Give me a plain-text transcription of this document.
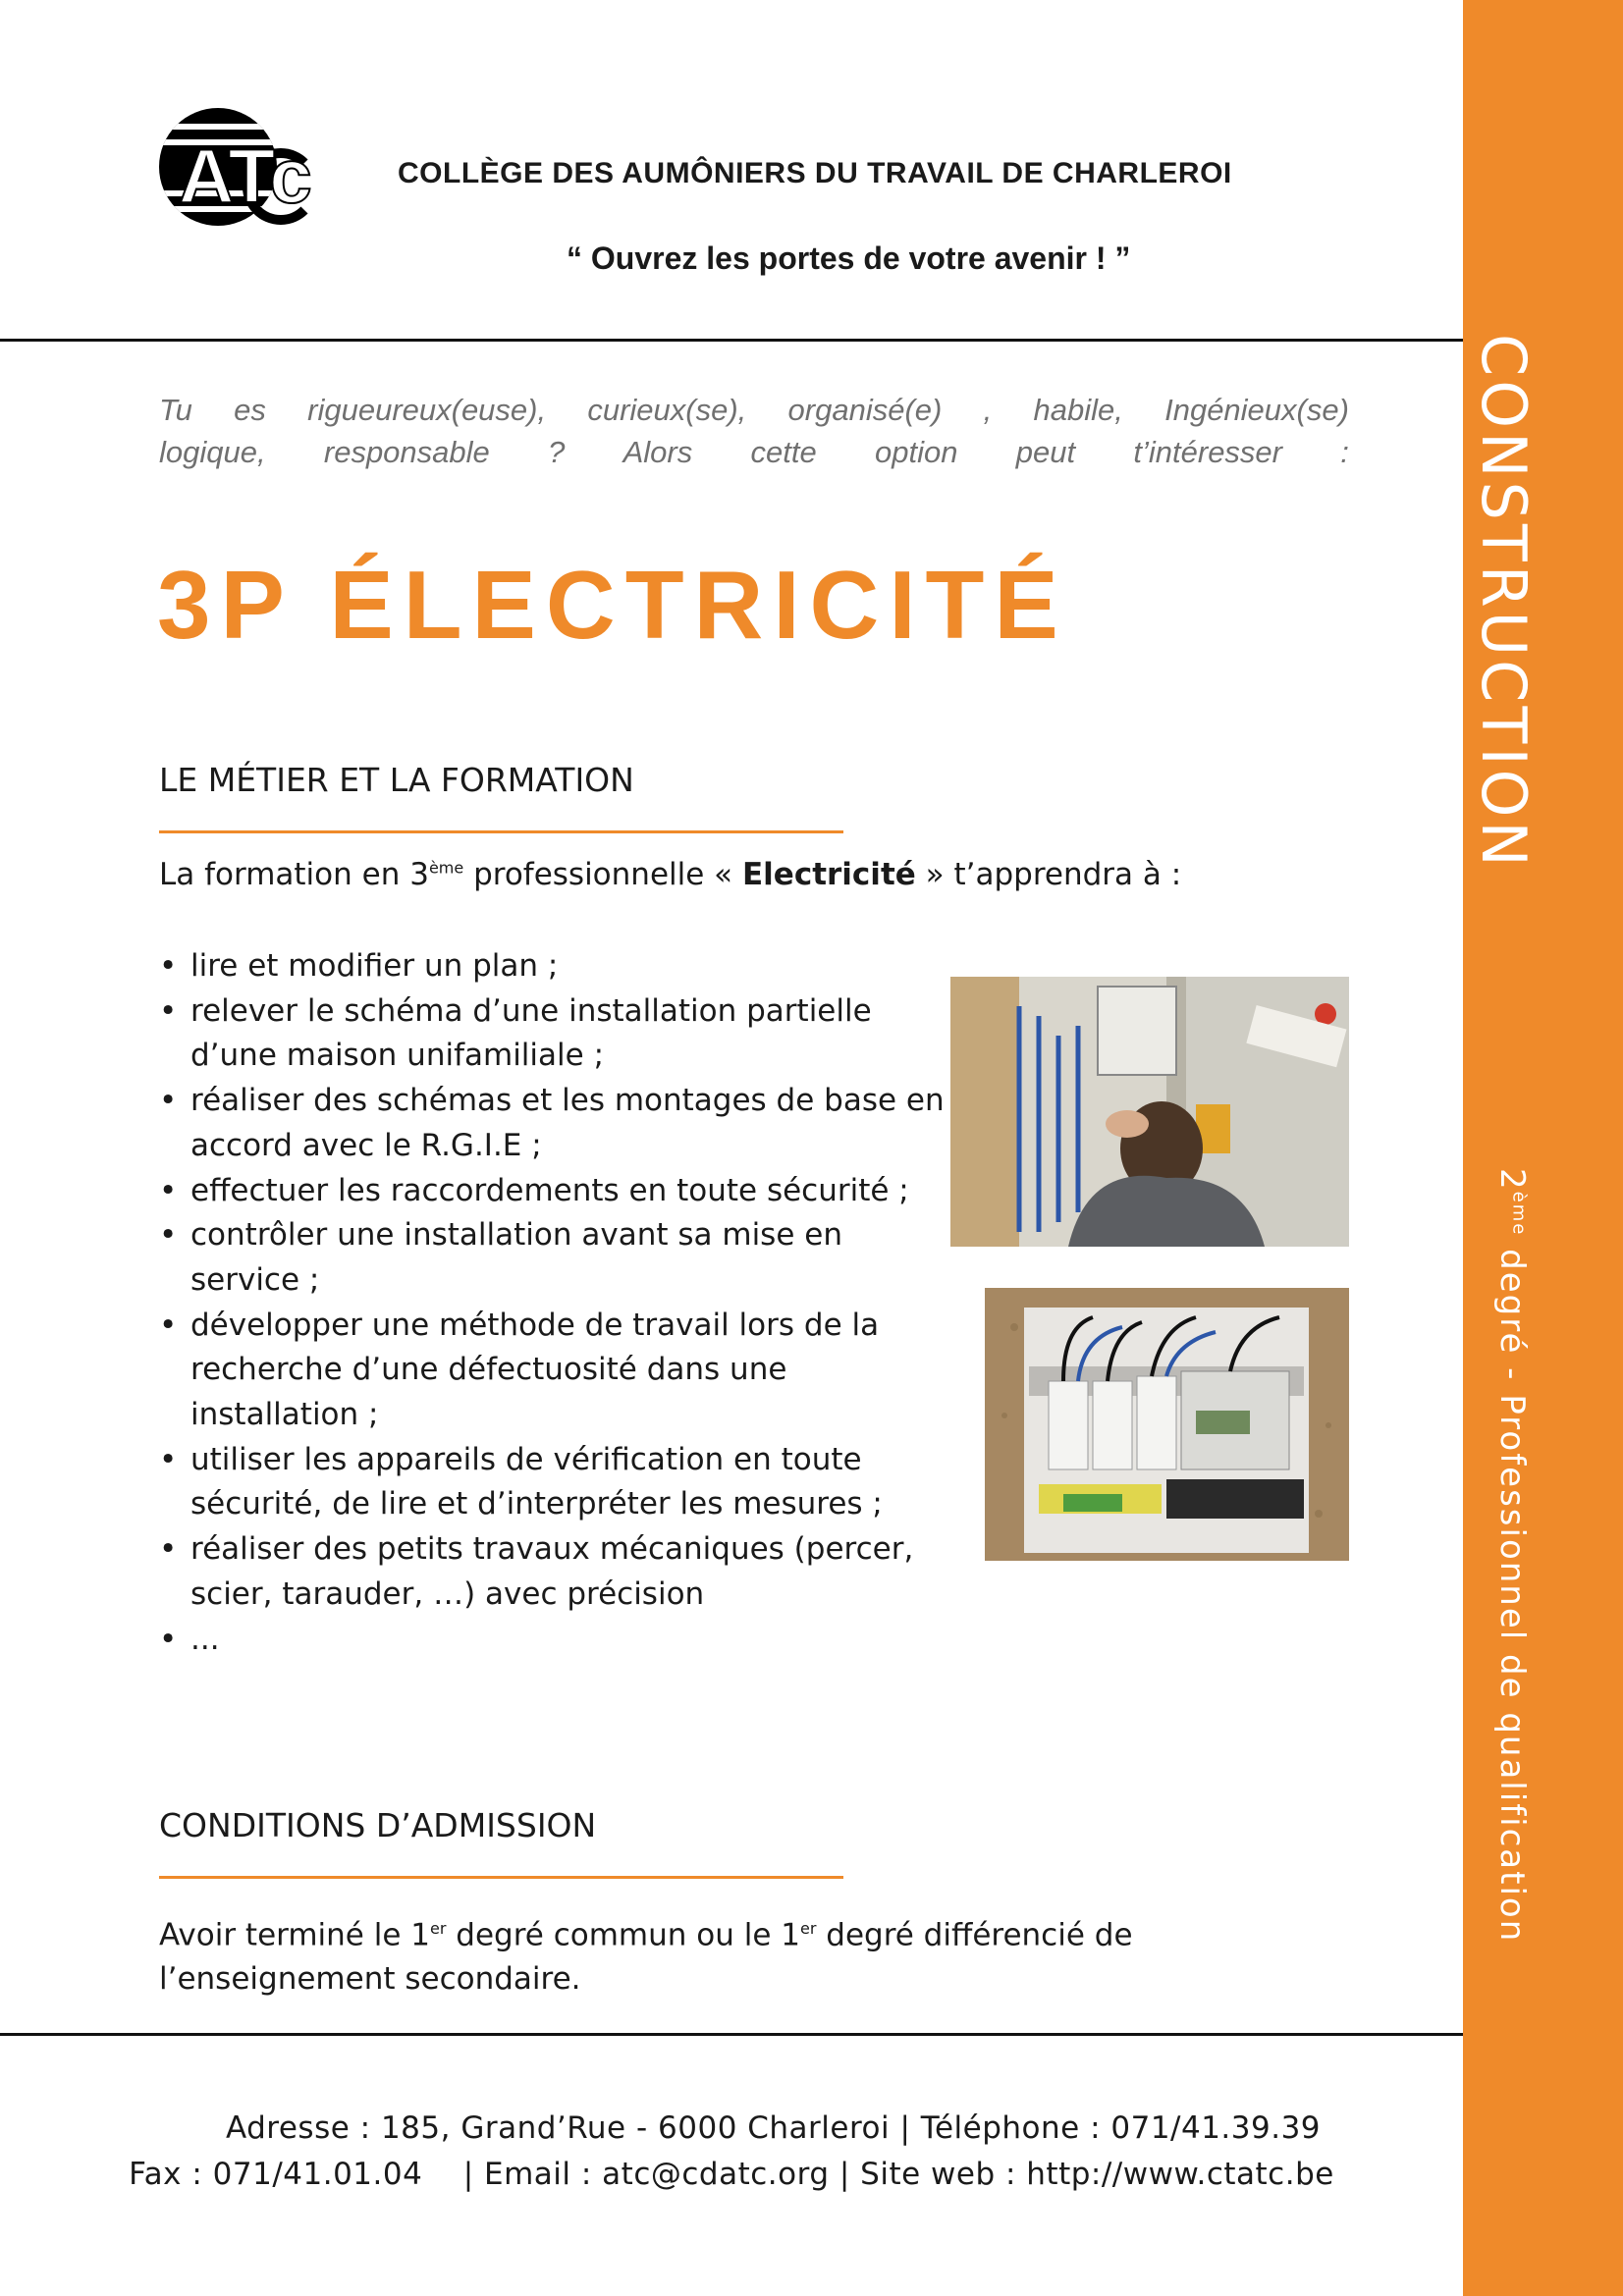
CONSTRUCTION
2ème degré - Professionnel de qualification
ATc	COLLÈGE DES AUMÔNIERS DU TRAVAIL DE CHARLEROI
“ Ouvrez les portes de votre avenir ! ”
Tu es rigueureux(euse), curieux(se), organisé(e) , habile, Ingénieux(se)
logique, responsable ? Alors cette option peut t’intéresser :
3P ÉLECTRICITÉ
LE MÉTIER ET LA FORMATION
La formation en 3ème professionnelle « Electricité » t’apprendra à :
• lire et modifier un plan ;
• relever le schéma d’une installation partielle d’une maison unifamiliale ;
• réaliser des schémas et les montages de base en accord avec le R.G.I.E ;
• effectuer les raccordements en toute sécurité ;
• contrôler une installation avant sa mise en service ;
• développer une méthode de travail lors de la recherche d’une défectuosité dans une installation ;
• utiliser les appareils de vérification en toute sécurité, de lire et d’interpréter les mesures ;
• réaliser des petits travaux mécaniques (percer, scier, tarauder, …) avec précision
• ...
CONDITIONS D’ADMISSION
Avoir terminé le 1er degré commun ou le 1er degré différencié de l’enseignement secondaire.
Adresse : 185, Grand’Rue - 6000 Charleroi | Téléphone : 071/41.39.39
Fax : 071/41.01.04    | Email : atc@cdatc.org | Site web : http://www.ctatc.be
